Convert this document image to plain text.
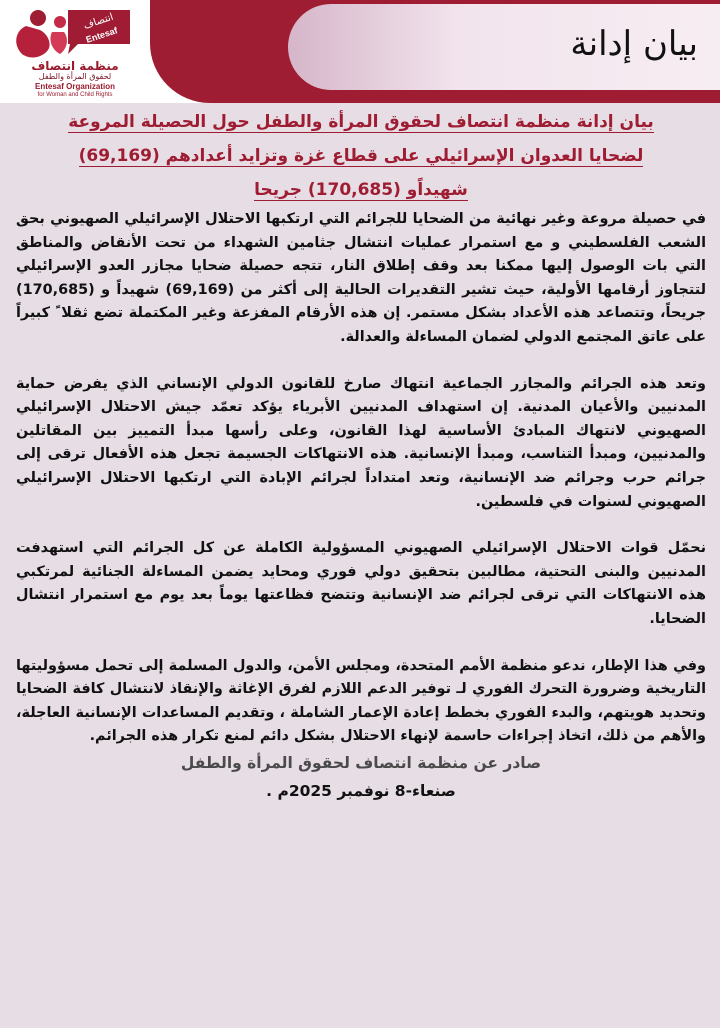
انتصاف
Entesaf
منظمة انتصاف
لحقوق المرأة والطفل
Entesaf Organization
for Woman and Child Rights
بيان إدانة
بيان إدانة منظمة انتصاف لحقوق المرأة والطفل حول الحصيلة المروعة
لضحايا العدوان الإسرائيلي على قطاع غزة وتزايد أعدادهم (69,169)
شهيداًو (170,685) جريحا

في حصيلة مروعة وغير نهائية من الضحايا للجرائم التي ارتكبها الاحتلال الإسرائيلي الصهيوني بحق الشعب الفلسطيني و مع استمرار عمليات انتشال جثامين الشهداء من تحت الأنقاض والمناطق التي بات الوصول إليها ممكنا بعد وقف إطلاق النار، تتجه حصيلة ضحايا مجازر العدو الإسرائيلي لتتجاوز أرقامها الأولية، حيث تشير التقديرات الحالية إلى أكثر من (69,169) شهيداً و (170,685) جريحاً، وتتصاعد هذه الأعداد بشكل مستمر. إن هذه الأرقام المفزعة وغير المكتملة تضع ثقلا ً كبيراً على عاتق المجتمع الدولي لضمان المساءلة والعدالة.

وتعد هذه الجرائم والمجازر الجماعية انتهاك صارخ للقانون الدولي الإنساني الذي يفرض حماية المدنيين والأعيان المدنية. إن استهداف المدنيين الأبرياء يؤكد تعمّد جيش الاحتلال الإسرائيلي الصهيوني لانتهاك المبادئ الأساسية لهذا القانون، وعلى رأسها مبدأ التمييز بين المقاتلين والمدنيين، ومبدأ التناسب، ومبدأ الإنسانية. هذه الانتهاكات الجسيمة تجعل هذه الأفعال ترقى إلى جرائم حرب وجرائم ضد الإنسانية، وتعد امتداداً لجرائم الإبادة التي ارتكبها الاحتلال الإسرائيلي الصهيوني لسنوات في فلسطين.

نحمّل قوات الاحتلال الإسرائيلي الصهيوني المسؤولية الكاملة عن كل الجرائم التي استهدفت المدنيين والبنى التحتية، مطالبين بتحقيق دولي فوري ومحايد يضمن المساءلة الجنائية لمرتكبي هذه الانتهاكات التي ترقى لجرائم ضد الإنسانية وتتضح فظاعتها يوماً بعد يوم مع استمرار انتشال الضحايا.

وفي هذا الإطار، ندعو منظمة الأمم المتحدة، ومجلس الأمن، والدول المسلمة إلى تحمل مسؤوليتها التاريخية وضرورة التحرك الفوري لـ توفير الدعم اللازم لفرق الإغاثة والإنقاذ لانتشال كافة الضحايا وتحديد هويتهم، والبدء الفوري بخطط إعادة الإعمار الشاملة ، وتقديم المساعدات الإنسانية العاجلة، والأهم من ذلك، اتخاذ إجراءات حاسمة لإنهاء الاحتلال بشكل دائم لمنع تكرار هذه الجرائم.

صادر عن منظمة انتصاف لحقوق المرأة والطفل
صنعاء-8 نوفمبر 2025م .
